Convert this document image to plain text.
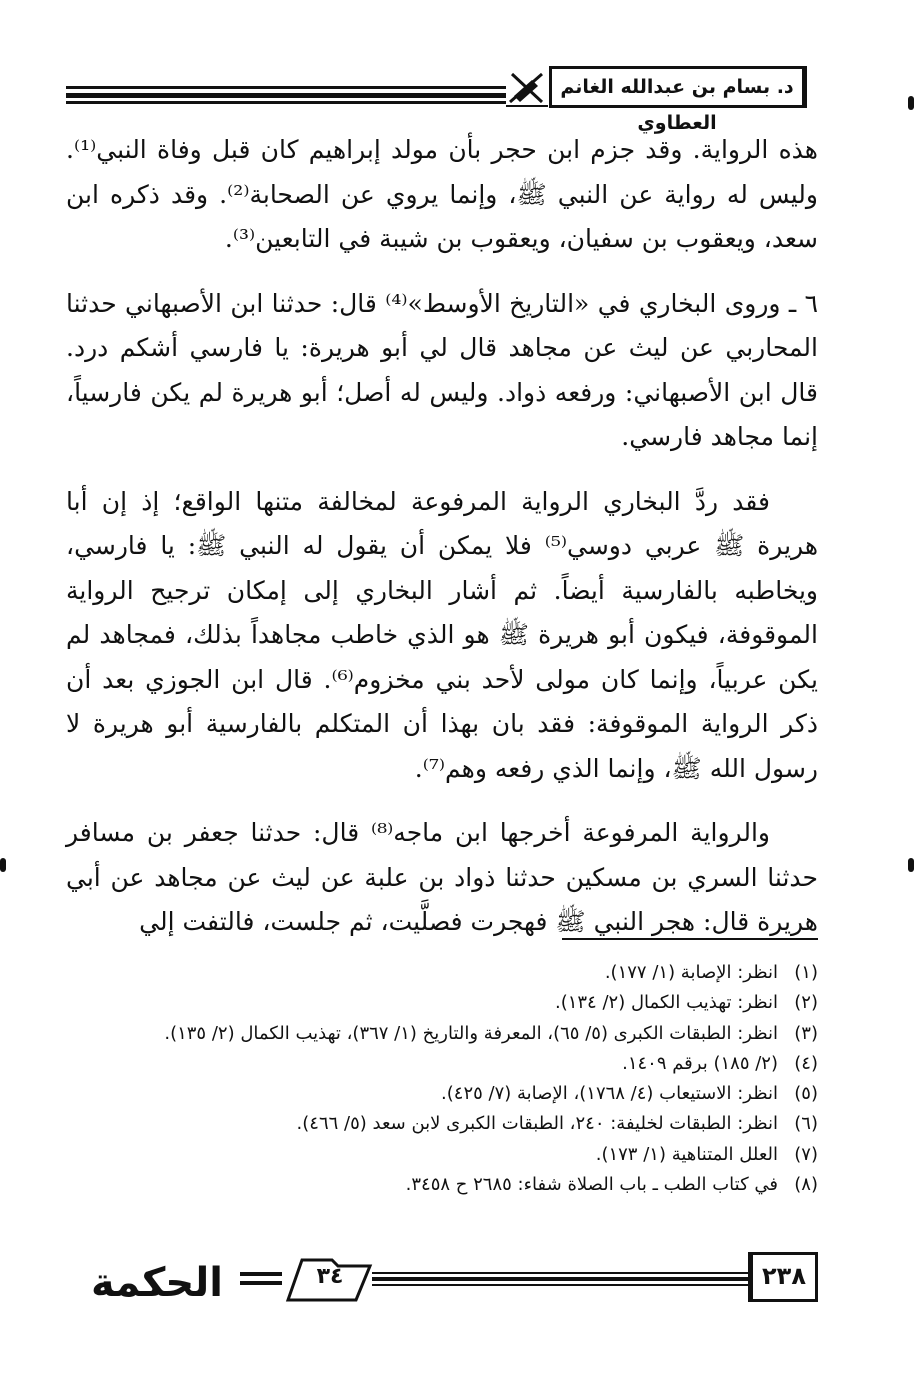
د. بسام بن عبدالله الغانم العطاوي

هذه الرواية. وقد جزم ابن حجر بأن مولد إبراهيم كان قبل وفاة النبي⁽¹⁾. وليس له رواية عن النبي ﷺ، وإنما يروي عن الصحابة⁽²⁾. وقد ذكره ابن سعد، ويعقوب بن سفيان، ويعقوب بن شيبة في التابعين⁽³⁾.

٦ ـ وروى البخاري في «التاريخ الأوسط»⁽⁴⁾ قال: حدثنا ابن الأصبهاني حدثنا المحاربي عن ليث عن مجاهد قال لي أبو هريرة: يا فارسي أشكم درد. قال ابن الأصبهاني: ورفعه ذواد. وليس له أصل؛ أبو هريرة لم يكن فارسياً، إنما مجاهد فارسي.

فقد ردَّ البخاري الرواية المرفوعة لمخالفة متنها الواقع؛ إذ إن أبا هريرة ﷺ عربي دوسي⁽⁵⁾ فلا يمكن أن يقول له النبي ﷺ: يا فارسي، ويخاطبه بالفارسية أيضاً. ثم أشار البخاري إلى إمكان ترجيح الرواية الموقوفة، فيكون أبو هريرة ﷺ هو الذي خاطب مجاهداً بذلك، فمجاهد لم يكن عربياً، وإنما كان مولى لأحد بني مخزوم⁽⁶⁾. قال ابن الجوزي بعد أن ذكر الرواية الموقوفة: فقد بان بهذا أن المتكلم بالفارسية أبو هريرة لا رسول الله ﷺ، وإنما الذي رفعه وهم⁽⁷⁾.

والرواية المرفوعة أخرجها ابن ماجه⁽⁸⁾ قال: حدثنا جعفر بن مسافر حدثنا السري بن مسكين حدثنا ذواد بن علبة عن ليث عن مجاهد عن أبي هريرة قال: هجر النبي ﷺ فهجرت فصلَّيت، ثم جلست، فالتفت إلي

(١)انظر: الإصابة (١/ ١٧٧).
(٢)انظر: تهذيب الكمال (٢/ ١٣٤).
(٣)انظر: الطبقات الكبرى (٥/ ٦٥)، المعرفة والتاريخ (١/ ٣٦٧)، تهذيب الكمال (٢/ ١٣٥).
(٤)(٢/ ١٨٥) برقم ١٤٠٩.
(٥)انظر: الاستيعاب (٤/ ١٧٦٨)، الإصابة (٧/ ٤٢٥).
(٦)انظر: الطبقات لخليفة: ٢٤٠، الطبقات الكبرى لابن سعد (٥/ ٤٦٦).
(٧)العلل المتناهية (١/ ١٧٣).
(٨)في كتاب الطب ـ باب الصلاة شفاء: ٢٦٨٥ ح ٣٤٥٨.
الحكمة	٣٤	٢٣٨
